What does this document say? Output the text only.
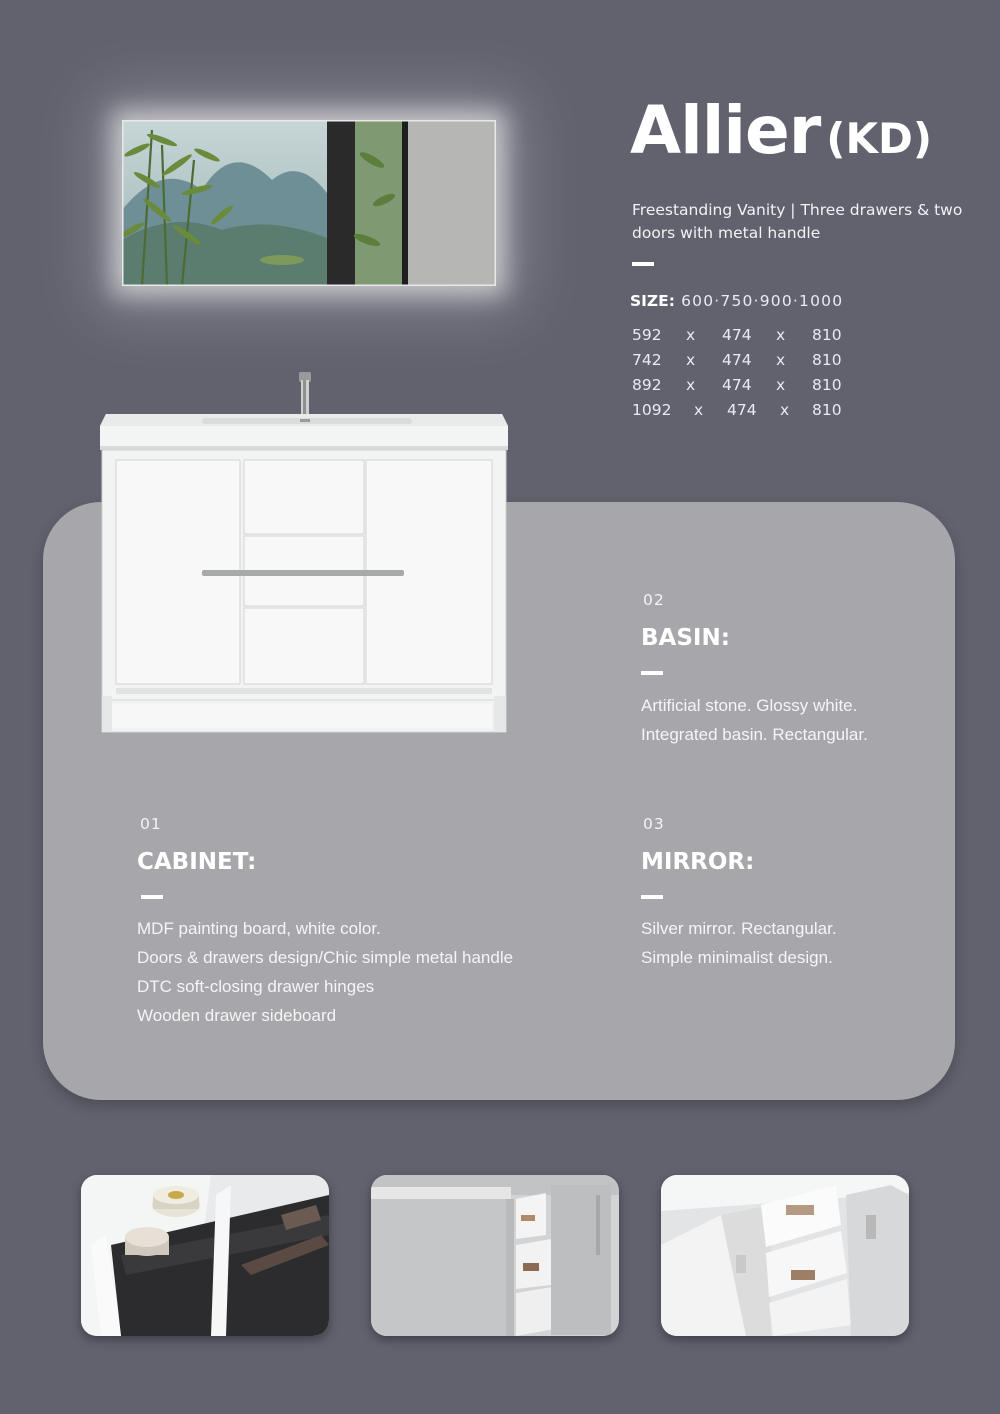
Allier (KD)
Freestanding Vanity | Three drawers & two doors with metal handle
SIZE: 600·750·900·1000
592 x 474 x 810
742 x 474 x 810
892 x 474 x 810
1092 x 474 x 810
02
BASIN:
Artificial stone. Glossy white.
Integrated basin. Rectangular.
01
CABINET:
MDF painting board, white color.
Doors & drawers design/Chic simple metal handle
DTC soft-closing drawer hinges
Wooden drawer sideboard
03
MIRROR:
Silver mirror. Rectangular.
Simple minimalist design.
